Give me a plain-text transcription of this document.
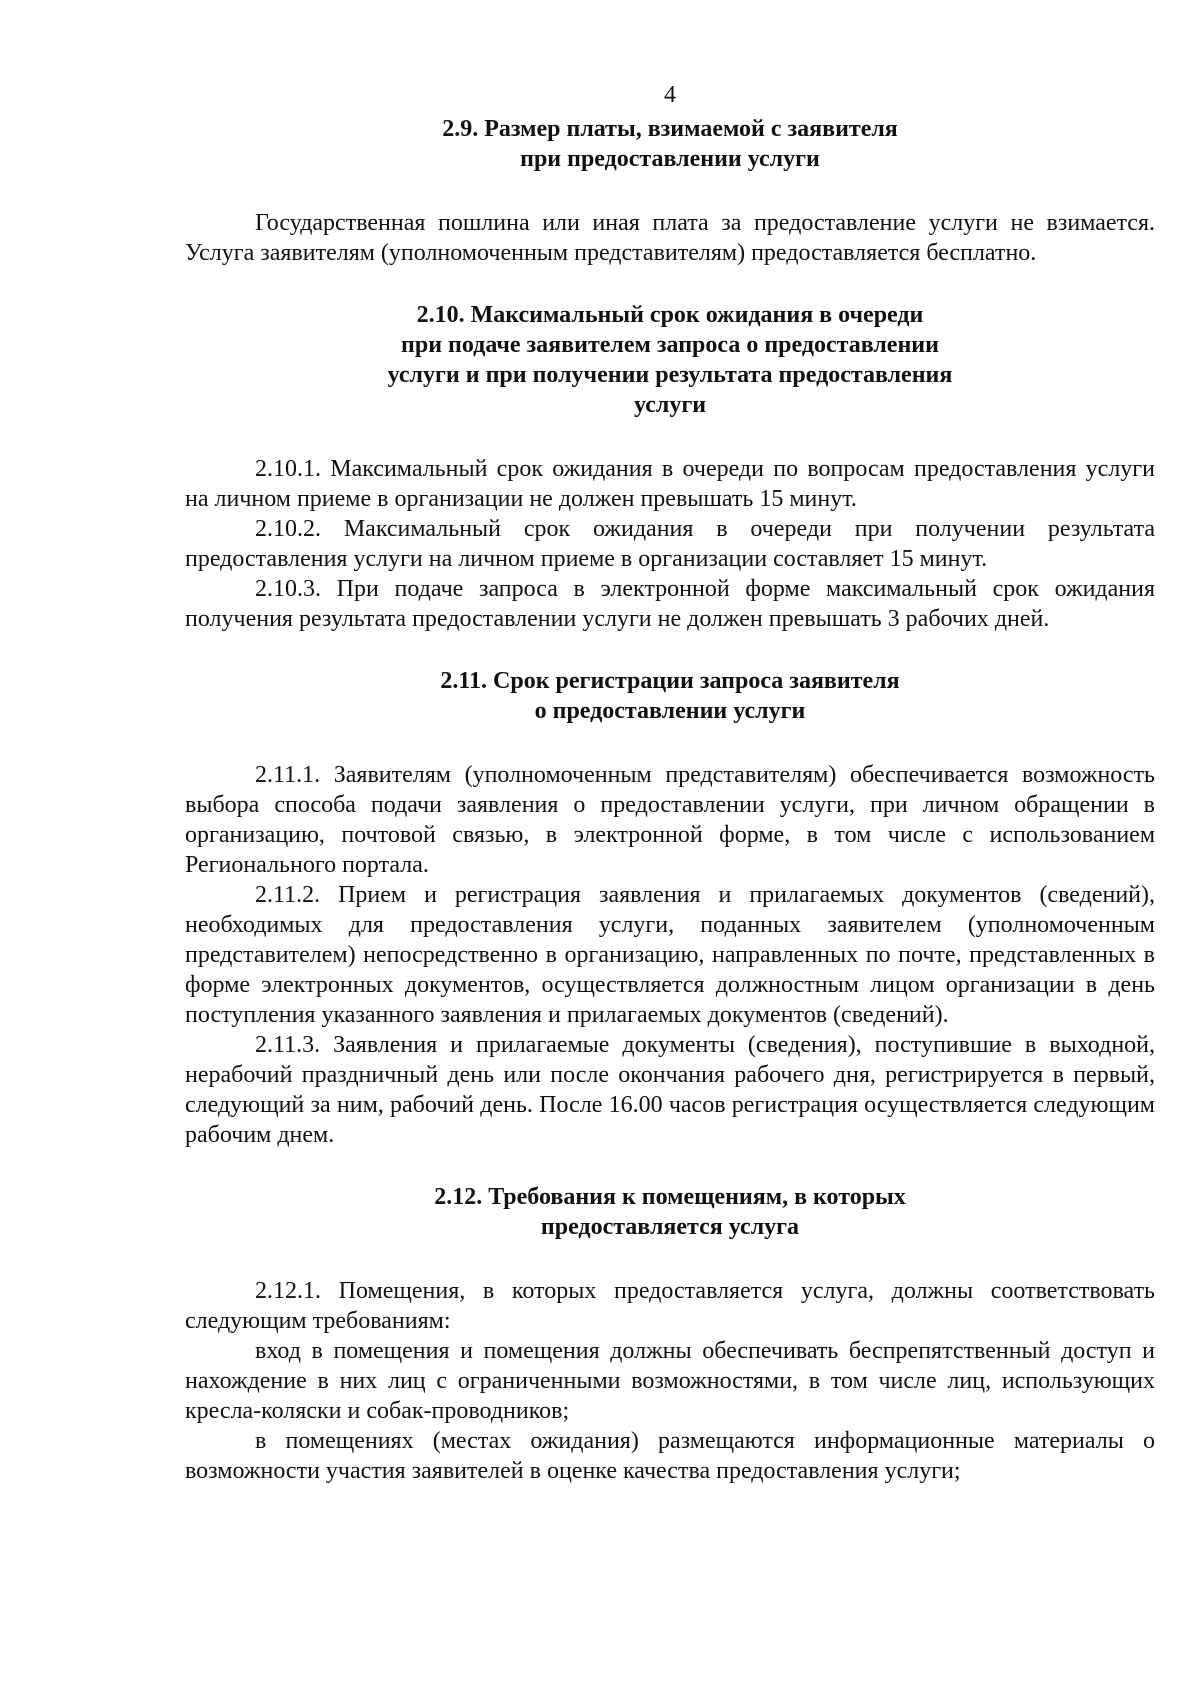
4
2.9. Размер платы, взимаемой с заявителя
при предоставлении услуги

Государственная пошлина или иная плата за предоставление услуги не взимается. Услуга заявителям (уполномоченным представителям) предоставляется бесплатно.

2.10. Максимальный срок ожидания в очереди
при подаче заявителем запроса о предоставлении
услуги и при получении результата предоставления
услуги

2.10.1. Максимальный срок ожидания в очереди по вопросам предоставления услуги на личном приеме в организации не должен превышать 15 минут.

2.10.2. Максимальный срок ожидания в очереди при получении результата предоставления услуги на личном приеме в организации составляет 15 минут.

2.10.3. При подаче запроса в электронной форме максимальный срок ожидания получения результата предоставлении услуги не должен превышать 3 рабочих дней.

2.11. Срок регистрации запроса заявителя
о предоставлении услуги

2.11.1. Заявителям (уполномоченным представителям) обеспечивается возможность выбора способа подачи заявления о предоставлении услуги, при личном обращении в организацию, почтовой связью, в электронной форме, в том числе с использованием Регионального портала.

2.11.2. Прием и регистрация заявления и прилагаемых документов (сведений), необходимых для предоставления услуги, поданных заявителем (уполномоченным представителем) непосредственно в организацию, направленных по почте, представленных в форме электронных документов, осуществляется должностным лицом организации в день поступления указанного заявления и прилагаемых документов (сведений).

2.11.3. Заявления и прилагаемые документы (сведения), поступившие в выходной, нерабочий праздничный день или после окончания рабочего дня, регистрируется в первый, следующий за ним, рабочий день. После 16.00 часов регистрация осуществляется следующим рабочим днем.

2.12. Требования к помещениям, в которых
предоставляется услуга

2.12.1. Помещения, в которых предоставляется услуга, должны соответствовать следующим требованиям:

вход в помещения и помещения должны обеспечивать беспрепятственный доступ и нахождение в них лиц с ограниченными возможностями, в том числе лиц, использующих кресла-коляски и собак-проводников;

в помещениях (местах ожидания) размещаются информационные материалы о возможности участия заявителей в оценке качества предоставления услуги;
